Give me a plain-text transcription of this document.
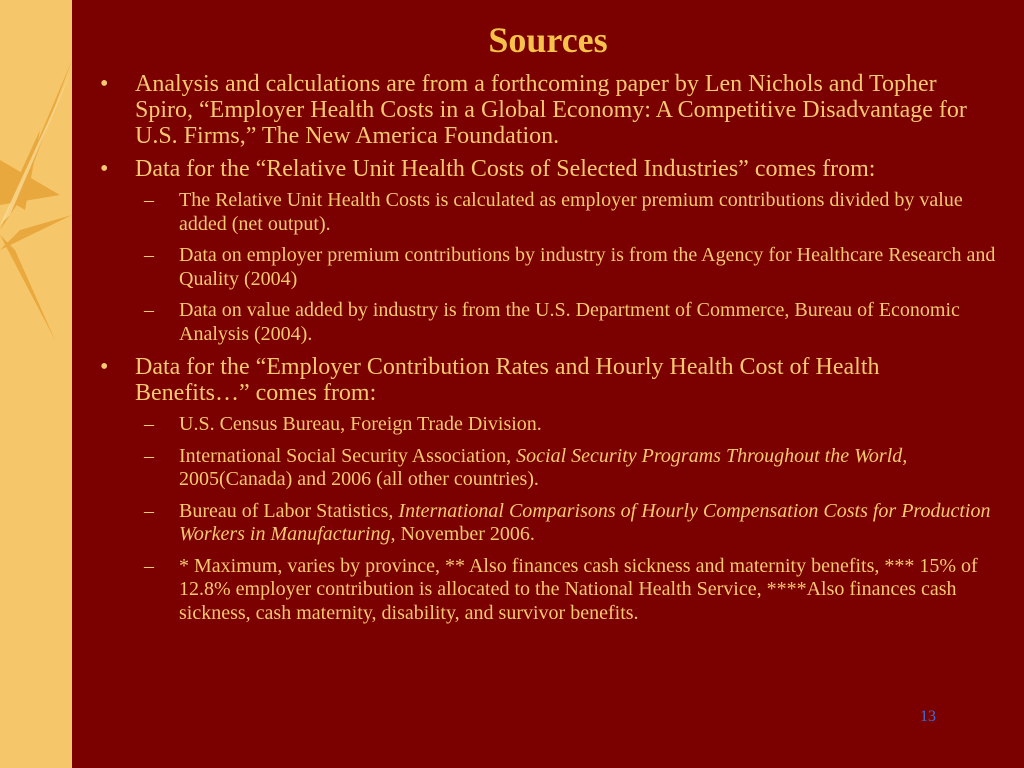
Sources
• Analysis and calculations are from a forthcoming paper by Len Nichols and Topher Spiro, “Employer Health Costs in a Global Economy: A Competitive Disadvantage for U.S. Firms,” The New America Foundation.
• Data for the “Relative Unit Health Costs of Selected Industries” comes from:
– The Relative Unit Health Costs is calculated as employer premium contributions divided by value added (net output).
– Data on employer premium contributions by industry is from the Agency for Healthcare Research and Quality (2004)
– Data on value added by industry is from the U.S. Department of Commerce, Bureau of Economic Analysis (2004).
• Data for the “Employer Contribution Rates and Hourly Health Cost of Health Benefits…” comes from:
– U.S. Census Bureau, Foreign Trade Division.
– International Social Security Association, Social Security Programs Throughout the World, 2005(Canada) and 2006 (all other countries).
– Bureau of Labor Statistics, International Comparisons of Hourly Compensation Costs for Production Workers in Manufacturing, November 2006.
– * Maximum, varies by province, ** Also finances cash sickness and maternity benefits, *** 15% of 12.8% employer contribution is allocated to the National Health Service, ****Also finances cash sickness, cash maternity, disability, and survivor benefits.
13
